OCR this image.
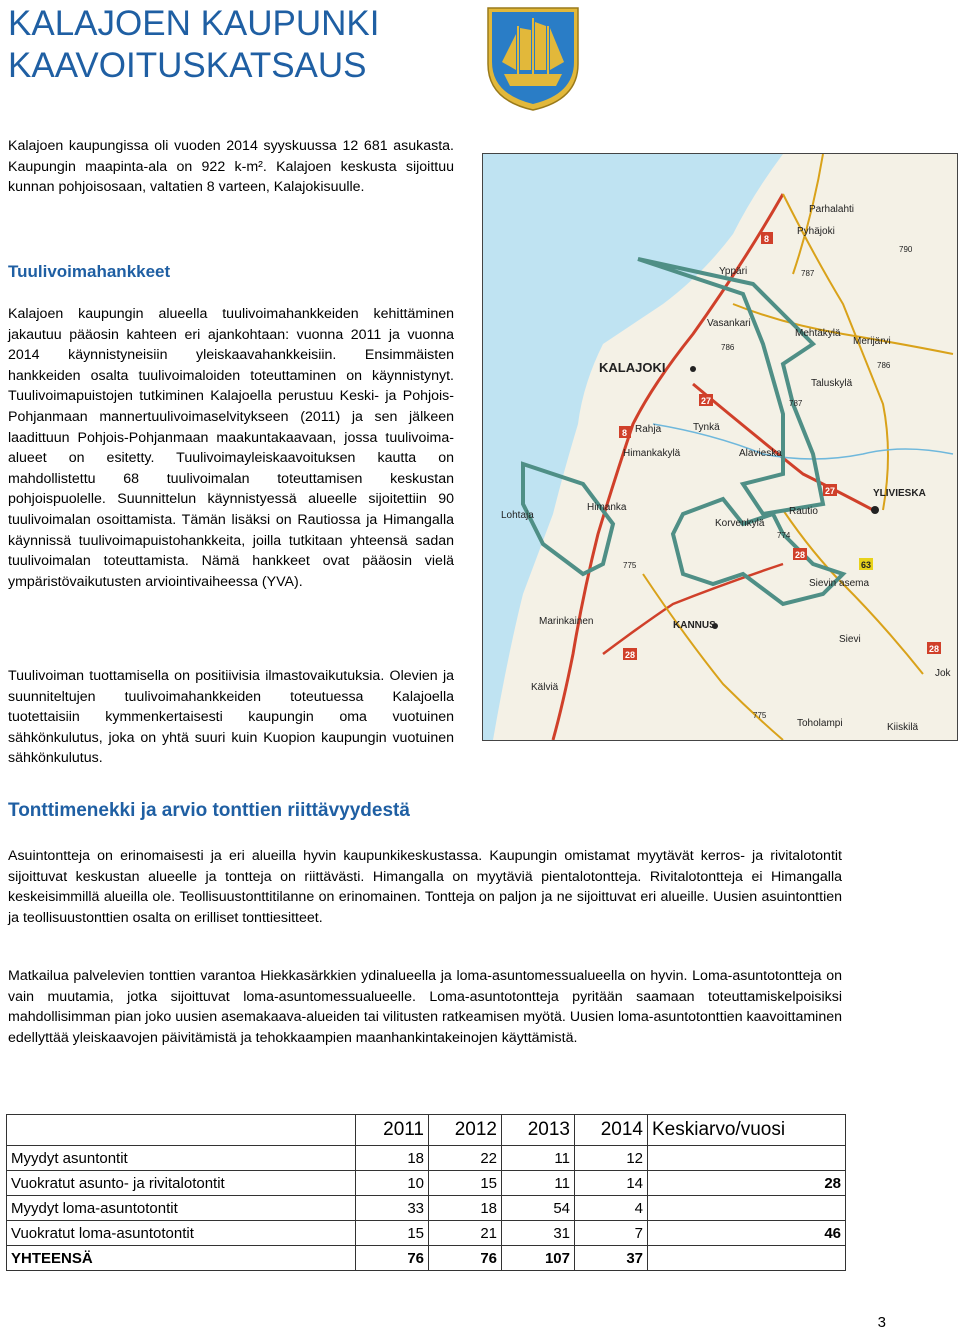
KALAJOEN KAUPUNKI
KAAVOITUSKATSAUS

Kalajoen kaupungissa oli vuoden 2014 syyskuussa 12 681 asukasta. Kaupungin maapinta-ala on 922 k-m². Kalajoen keskusta sijoittuu kunnan pohjoisosaan, valtatien 8 varteen, Kalajokisuulle.

Tuulivoimahankkeet

Kalajoen kaupungin alueella tuulivoimahankkeiden kehittäminen jakautuu pääosin kahteen eri ajankohtaan: vuonna 2011 ja vuonna 2014 käynnistyneisiin yleiskaavahankkeisiin. Ensimmäisten hankkeiden osalta tuulivoimaloiden toteuttaminen on käynnistynyt. Tuulivoimapuistojen tutkiminen Kalajoella perustuu Keski- ja Pohjois-Pohjanmaan mannertuulivoimaselvitykseen (2011) ja sen jälkeen laadittuun Pohjois-Pohjanmaan maakuntakaavaan, jossa tuulivoima-alueet on esitetty. Tuulivoimayleiskaavoituksen kautta on mahdollistettu 68 tuulivoimalan toteuttamisen keskustan pohjoispuolelle. Suunnittelun käynnistyessä alueelle sijoitettiin 90 tuulivoimalan osoittamista. Tämän lisäksi on Rautiossa ja Himangalla käynnissä tuulivoimapuistohankkeita, joilla tutkitaan yhteensä sadan tuulivoimalan toteuttamista. Nämä hankkeet ovat pääosin vielä ympäristövaikutusten arviointivaiheessa (YVA).

Tuulivoiman tuottamisella on positiivisia ilmastovaikutuksia. Olevien ja suunniteltujen tuulivoimahankkeiden toteutuessa Kalajoella tuotettaisiin kymmenkertaisesti kaupungin oma vuotuinen sähkönkulutus, joka on yhtä suuri kuin Kuopion kaupungin vuotuinen sähkönkulutus.

Parhalahti
Pyhäjoki
Yppäri
Vasankari
Mehtäkylä
Merijärvi
KALAJOKI
Taluskylä
Rahja	Tynkä
Himankakylä	Alavieska
YLIVIESKA
Himanka	Rautio
Lohtaja
Korvenkylä
Sievin asema
Marinkainen	KANNUS
Sievi
Kälviä
Jok
Toholampi	Kiiskilä
8
790
787
786
786
787
27
27
8
774
63
775
28
28
775
28
Tonttimenekki ja arvio tonttien riittävyydestä

Asuintontteja on erinomaisesti ja eri alueilla hyvin kaupunkikeskustassa. Kaupungin omistamat myytävät kerros- ja rivitalotontit sijoittuvat keskustan alueelle ja tontteja on riittävästi. Himangalla on myytäviä pientalotontteja. Rivitalotontteja ei Himangalla keskeisimmillä alueilla ole. Teollisuustonttitilanne on erinomainen. Tontteja on paljon ja ne sijoittuvat eri alueille. Uusien asuintonttien ja teollisuustonttien osalta on erilliset tonttiesitteet.

Matkailua palvelevien tonttien varantoa Hiekkasärkkien ydinalueella ja loma-asuntomessualueella on hyvin. Loma-asuntotontteja on vain muutamia, jotka sijoittuvat loma-asuntomessualueelle. Loma-asuntotontteja pyritään saamaan toteuttamiskelpoisiksi mahdollisimman pian joko uusien asemakaava-alueiden tai vilitusten ratkeamisen myötä. Uusien loma-asuntotonttien kaavoittaminen edellyttää yleiskaavojen päivitämistä ja tehokkaampien maanhankintakeinojen käyttämistä.

	2011	2012	2013	2014	Keskiarvo/vuosi
Myydyt asuntontit	18	22	11	12	
Vuokratut asunto- ja rivitalotontit	10	15	11	14	28
Myydyt loma-asuntotontit	33	18	54	4	
Vuokratut loma-asuntotontit	15	21	31	7	46
YHTEENSÄ	76	76	107	37	
3
